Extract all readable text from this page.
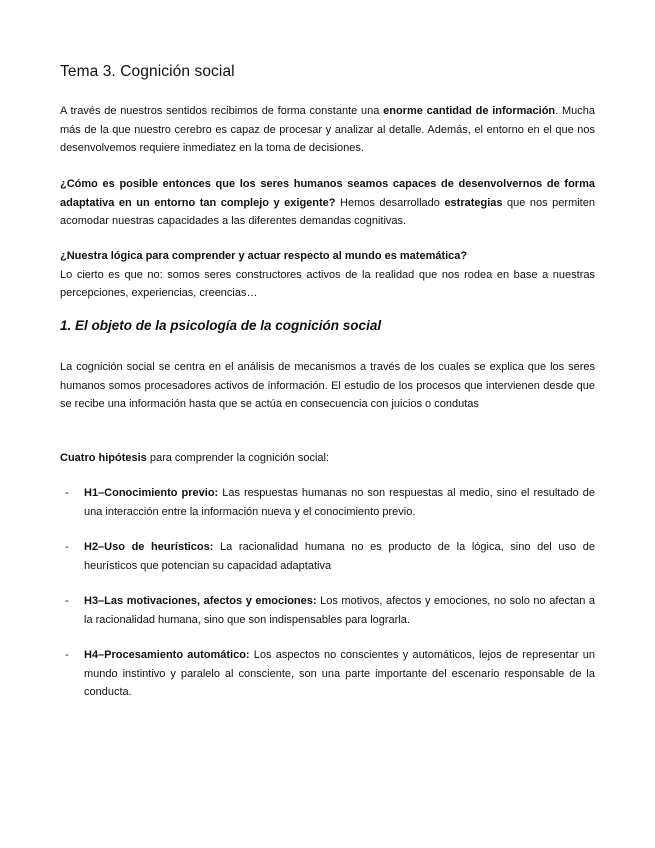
Tema 3. Cognición social

A través de nuestros sentidos recibimos de forma constante una enorme cantidad de información. Mucha más de la que nuestro cerebro es capaz de procesar y analizar al detalle. Además, el entorno en el que nos desenvolvemos requiere inmediatez en la toma de decisiones.

¿Cómo es posible entonces que los seres humanos seamos capaces de desenvolvernos de forma adaptativa en un entorno tan complejo y exigente? Hemos desarrollado estrategias que nos permiten acomodar nuestras capacidades a las diferentes demandas cognitivas.

¿Nuestra lógica para comprender y actuar respecto al mundo es matemática?
Lo cierto es que no: somos seres constructores activos de la realidad que nos rodea en base a nuestras percepciones, experiencias, creencias…

1. El objeto de la psicología de la cognición social

La cognición social se centra en el análisis de mecanismos a través de los cuales se explica que los seres humanos somos procesadores activos de información. El estudio de los procesos que intervienen desde que se recibe una información hasta que se actúa en consecuencia con juicios o condutas

Cuatro hipótesis para comprender la cognición social:

- H1–Conocimiento previo: Las respuestas humanas no son respuestas al medio, sino el resultado de una interacción entre la información nueva y el conocimiento previo.
- H2–Uso de heurísticos: La racionalidad humana no es producto de la lógica, sino del uso de heurísticos que potencian su capacidad adaptativa
- H3–Las motivaciones, afectos y emociones: Los motivos, afectos y emociones, no solo no afectan a la racionalidad humana, sino que son indispensables para lograrla.
- H4–Procesamiento automático: Los aspectos no conscientes y automáticos, lejos de representar un mundo instintivo y paralelo al consciente, son una parte importante del escenario responsable de la conducta.
